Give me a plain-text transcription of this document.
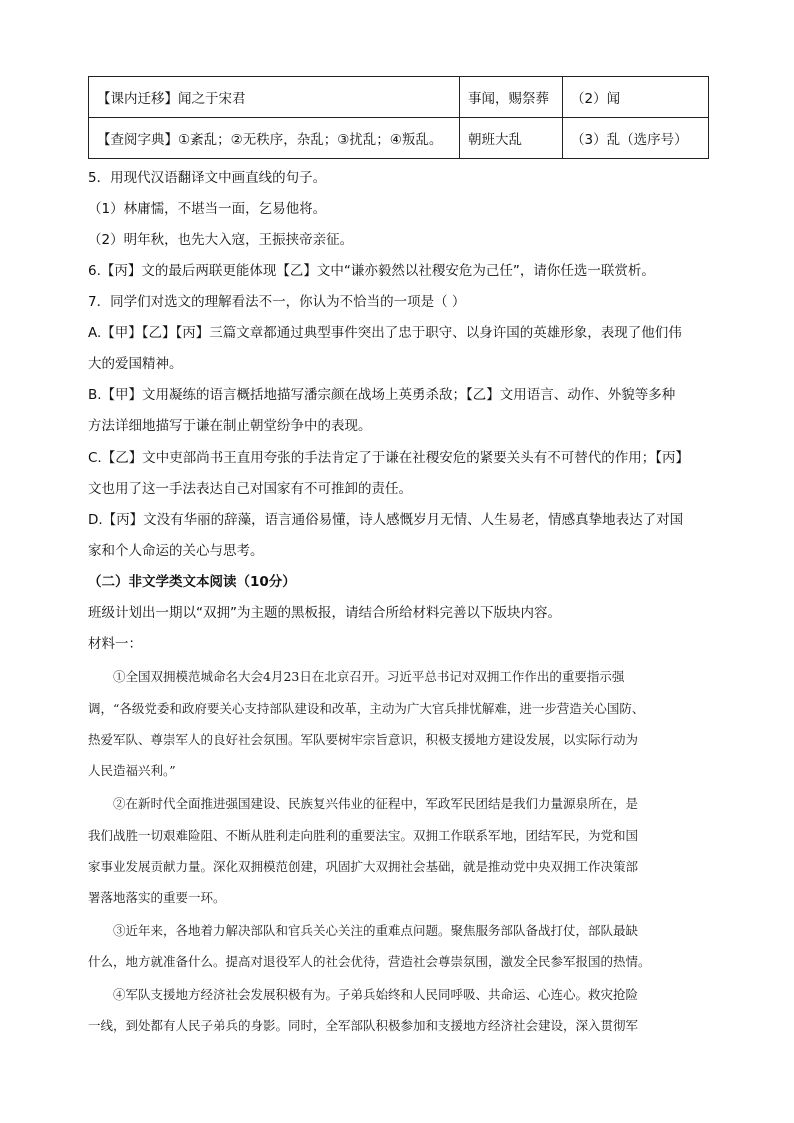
【课内迁移】闻之于宋君	事闻，赐祭葬	（2）闻
【查阅字典】①紊乱；②无秩序，杂乱；③扰乱；④叛乱。	朝班大乱	（3）乱（选序号）
5．用现代汉语翻译文中画直线的句子。
（1）林庸懦，不堪当一面，乞易他将。
（2）明年秋，也先大入寇，王振挟帝亲征。
6.【丙】文的最后两联更能体现【乙】文中“谦亦毅然以社稷安危为己任”，请你任选一联赏析。
7．同学们对选文的理解看法不一，你认为不恰当的一项是（ ）
A.【甲】【乙】【丙】三篇文章都通过典型事件突出了忠于职守、以身许国的英雄形象，表现了他们伟
大的爱国精神。
B.【甲】文用凝练的语言概括地描写潘宗颜在战场上英勇杀敌；【乙】文用语言、动作、外貌等多种
方法详细地描写于谦在制止朝堂纷争中的表现。
C.【乙】文中吏部尚书王直用夸张的手法肯定了于谦在社稷安危的紧要关头有不可替代的作用；【丙】
文也用了这一手法表达自己对国家有不可推卸的责任。
D.【丙】文没有华丽的辞藻，语言通俗易懂，诗人感慨岁月无情、人生易老，情感真挚地表达了对国
家和个人命运的关心与思考。
（二）非文学类文本阅读（10分）
班级计划出一期以“双拥”为主题的黑板报，请结合所给材料完善以下版块内容。
材料一：
　　①全国双拥模范城命名大会4月23日在北京召开。习近平总书记对双拥工作作出的重要指示强
调，“各级党委和政府要关心支持部队建设和改革，主动为广大官兵排忧解难，进一步营造关心国防、
热爱军队、尊崇军人的良好社会氛围。军队要树牢宗旨意识，积极支援地方建设发展，以实际行动为
人民造福兴利。”
　　②在新时代全面推进强国建设、民族复兴伟业的征程中，军政军民团结是我们力量源泉所在，是
我们战胜一切艰难险阻、不断从胜利走向胜利的重要法宝。双拥工作联系军地，团结军民，为党和国
家事业发展贡献力量。深化双拥模范创建，巩固扩大双拥社会基础，就是推动党中央双拥工作决策部
署落地落实的重要一环。
　　③近年来，各地着力解决部队和官兵关心关注的重难点问题。聚焦服务部队备战打仗，部队最缺
什么，地方就准备什么。提高对退役军人的社会优待，营造社会尊崇氛围，激发全民参军报国的热情。
　　④军队支援地方经济社会发展积极有为。子弟兵始终和人民同呼吸、共命运、心连心。救灾抢险
一线，到处都有人民子弟兵的身影。同时，全军部队积极参加和支援地方经济社会建设，深入贯彻军
